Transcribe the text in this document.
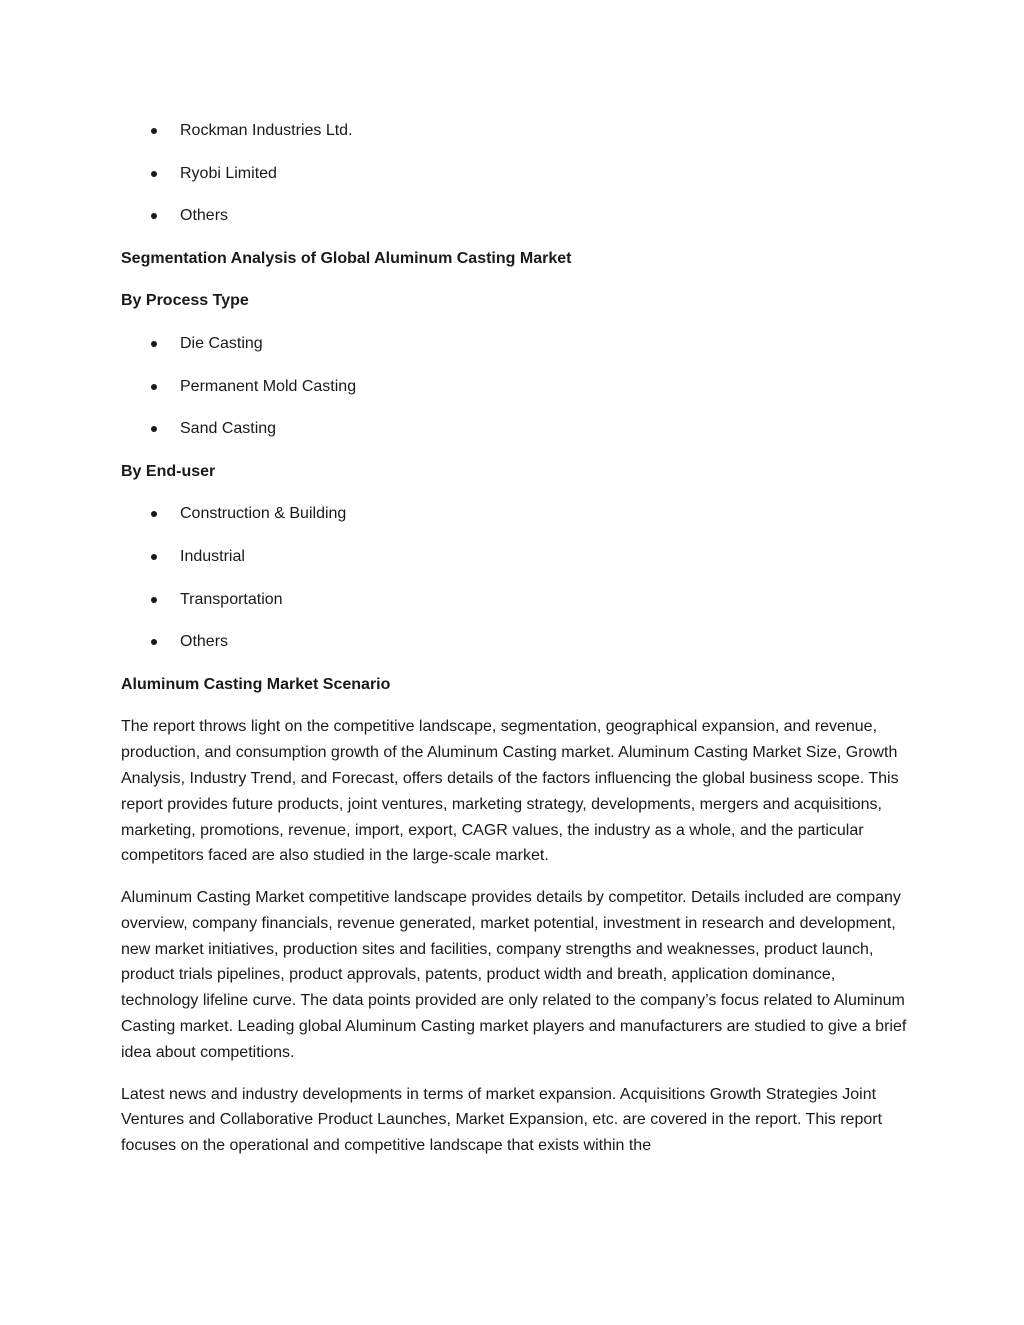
Rockman Industries Ltd.
Ryobi Limited
Others

Segmentation Analysis of Global Aluminum Casting Market

By Process Type

Die Casting
Permanent Mold Casting
Sand Casting

By End-user

Construction & Building
Industrial
Transportation
Others

Aluminum Casting Market Scenario

The report throws light on the competitive landscape, segmentation, geographical expansion, and revenue, production, and consumption growth of the Aluminum Casting market. Aluminum Casting Market Size, Growth Analysis, Industry Trend, and Forecast, offers details of the factors influencing the global business scope. This report provides future products, joint ventures, marketing strategy, developments, mergers and acquisitions, marketing, promotions, revenue, import, export, CAGR values, the industry as a whole, and the particular competitors faced are also studied in the large-scale market.

Aluminum Casting Market competitive landscape provides details by competitor. Details included are company overview, company financials, revenue generated, market potential, investment in research and development, new market initiatives, production sites and facilities, company strengths and weaknesses, product launch, product trials pipelines, product approvals, patents, product width and breath, application dominance, technology lifeline curve. The data points provided are only related to the company’s focus related to Aluminum Casting market. Leading global Aluminum Casting market players and manufacturers are studied to give a brief idea about competitions.

Latest news and industry developments in terms of market expansion. Acquisitions Growth Strategies Joint Ventures and Collaborative Product Launches, Market Expansion, etc. are covered in the report. This report focuses on the operational and competitive landscape that exists within the
